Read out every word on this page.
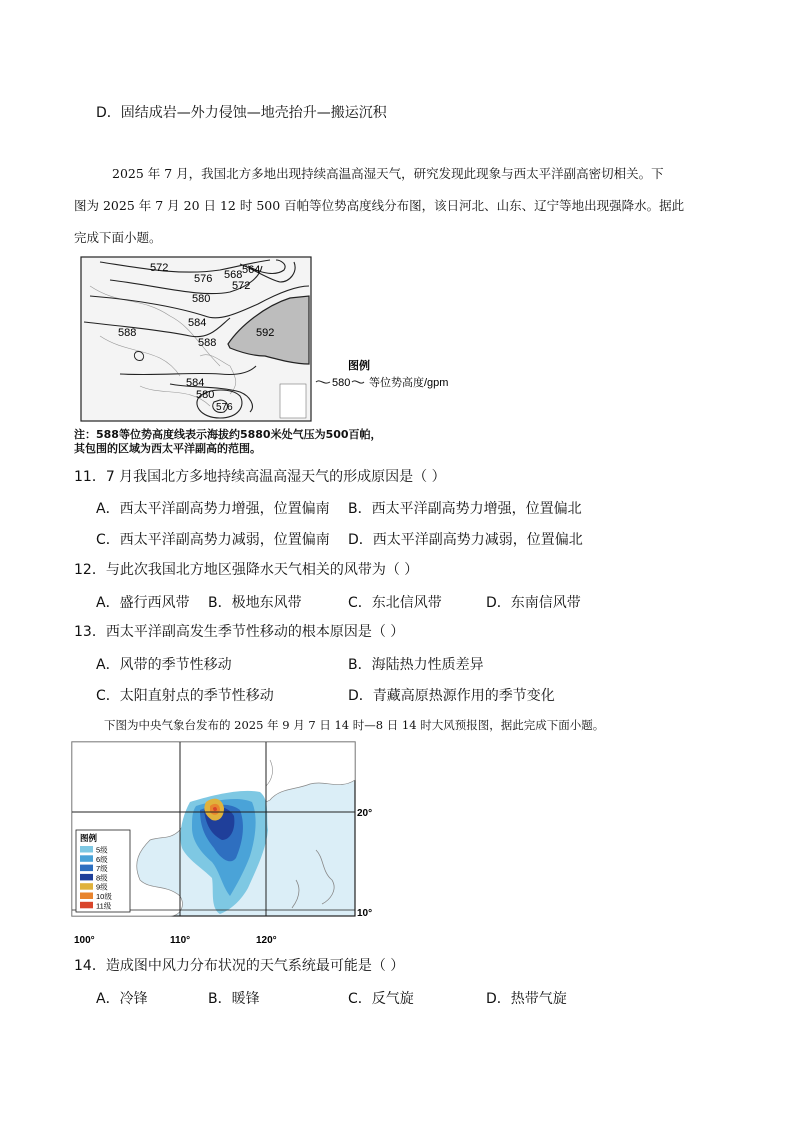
D．固结成岩—外力侵蚀—地壳抬升—搬运沉积
2025 年 7 月，我国北方多地出现持续高温高湿天气，研究发现此现象与西太平洋副高密切相关。下
图为 2025 年 7 月 20 日 12 时 500 百帕等位势高度线分布图，该日河北、山东、辽宁等地出现强降水。据此
完成下面小题。
572
576 568 564
572
580
584
588	592
588
584
580
576
图例
580 等位势高度/gpm
注：588等位势高度线表示海拔约5880米处气压为500百帕，
其包围的区域为西太平洋副高的范围。
11．7 月我国北方多地持续高温高湿天气的形成原因是（ ）
A．西太平洋副高势力增强，位置偏南 B．西太平洋副高势力增强，位置偏北
C．西太平洋副高势力减弱，位置偏南 D．西太平洋副高势力减弱，位置偏北
12．与此次我国北方地区强降水天气相关的风带为（ ）
A．盛行西风带 B．极地东风带	C．东北信风带	D．东南信风带
13．西太平洋副高发生季节性移动的根本原因是（ ）
A．风带的季节性移动	B．海陆热力性质差异
C．太阳直射点的季节性移动	D．青藏高原热源作用的季节变化
下图为中央气象台发布的 2025 年 9 月 7 日 14 时—8 日 14 时大风预报图，据此完成下面小题。
图例
5级
6级
7级
8级
9级
10级
11级
100°	110°	120°
20°
10°
14．造成图中风力分布状况的天气系统最可能是（ ）
A．冷锋	B．暖锋	C．反气旋	D．热带气旋
